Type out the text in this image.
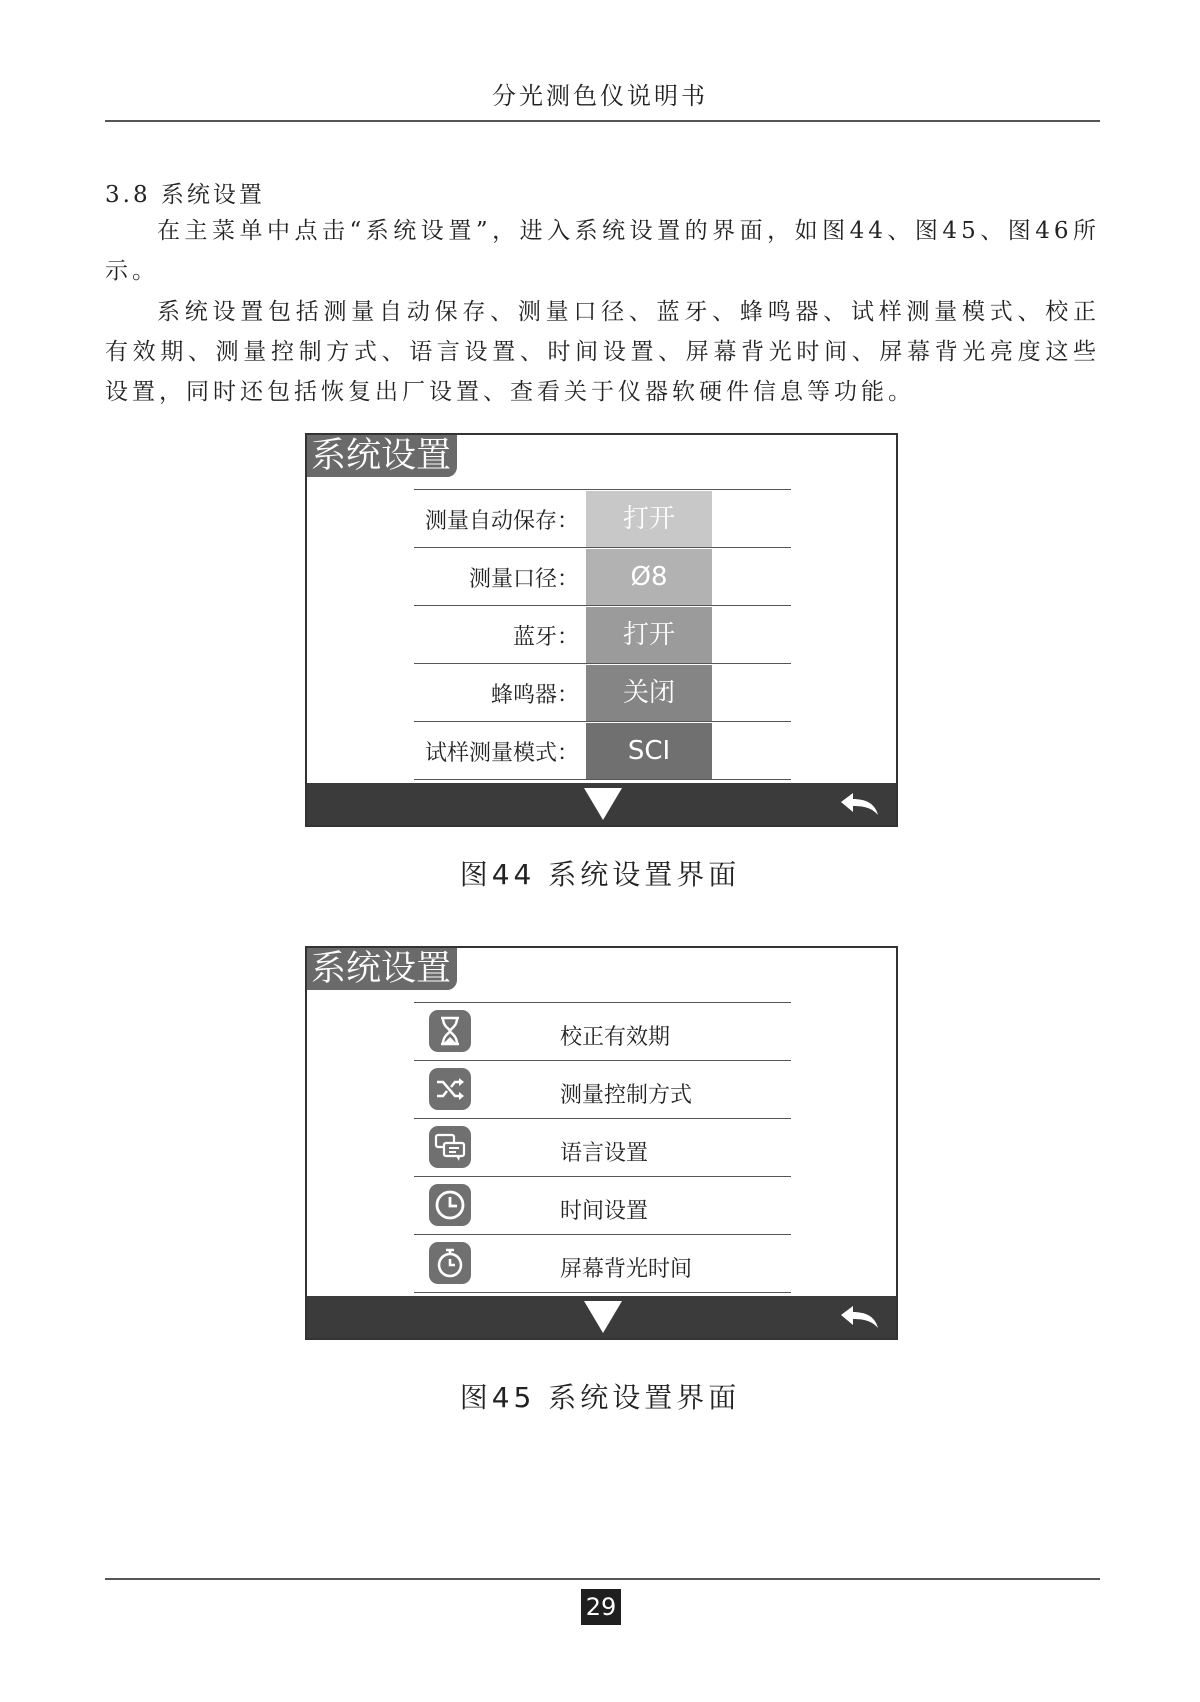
分光测色仪说明书
3.8 系统设置
在主菜单中点击“系统设置”，进入系统设置的界面，如图44、图45、图46所示。
系统设置包括测量自动保存、测量口径、蓝牙、蜂鸣器、试样测量模式、校正有效期、测量控制方式、语言设置、时间设置、屏幕背光时间、屏幕背光亮度这些设置，同时还包括恢复出厂设置、查看关于仪器软硬件信息等功能。
系统设置
测量自动保存：	打开
测量口径：	Ø8
蓝牙：	打开
蜂鸣器：	关闭
试样测量模式：	SCI
图44 系统设置界面
系统设置
校正有效期
测量控制方式
语言设置
时间设置
屏幕背光时间
图45 系统设置界面
29
